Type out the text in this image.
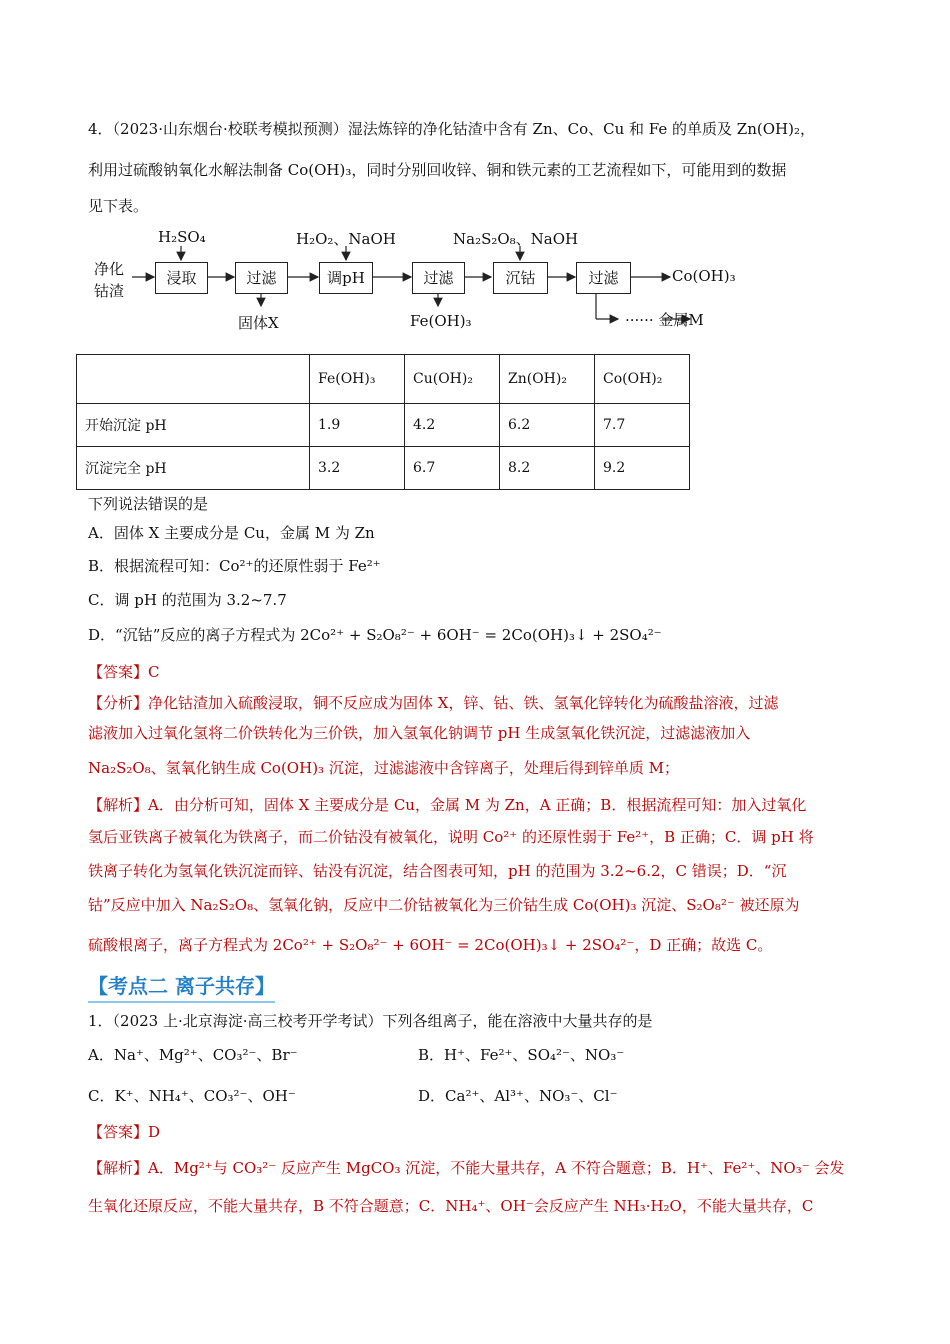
4．（2023·山东烟台·校联考模拟预测）湿法炼锌的净化钴渣中含有 Zn、Co、Cu 和 Fe 的单质及 Zn(OH)₂，
利用过硫酸钠氧化水解法制备 Co(OH)₃，同时分别回收锌、铜和铁元素的工艺流程如下，可能用到的数据
见下表。
净化
钴渣
H₂SO₄
浸取	过滤
固体X
H₂O₂、NaOH
调pH	过滤
Fe(OH)₃
Na₂S₂O₈、NaOH
沉钴	过滤	Co(OH)₃
······ 金属M
	Fe(OH)₃	Cu(OH)₂	Zn(OH)₂	Co(OH)₂
开始沉淀 pH	1.9	4.2	6.2	7.7
沉淀完全 pH	3.2	6.7	8.2	9.2
下列说法错误的是
A．固体 X 主要成分是 Cu，金属 M 为 Zn
B．根据流程可知：Co²⁺的还原性弱于 Fe²⁺
C．调 pH 的范围为 3.2~7.7
D．“沉钴”反应的离子方程式为 2Co²⁺ + S₂O₈²⁻ + 6OH⁻ = 2Co(OH)₃↓ + 2SO₄²⁻
【答案】C
【分析】净化钴渣加入硫酸浸取，铜不反应成为固体 X，锌、钴、铁、氢氧化锌转化为硫酸盐溶液，过滤
滤液加入过氧化氢将二价铁转化为三价铁，加入氢氧化钠调节 pH 生成氢氧化铁沉淀，过滤滤液加入
Na₂S₂O₈、氢氧化钠生成 Co(OH)₃ 沉淀，过滤滤液中含锌离子，处理后得到锌单质 M；
【解析】A．由分析可知，固体 X 主要成分是 Cu，金属 M 为 Zn，A 正确；B．根据流程可知：加入过氧化
氢后亚铁离子被氧化为铁离子，而二价钴没有被氧化，说明 Co²⁺ 的还原性弱于 Fe²⁺，B 正确；C．调 pH 将
铁离子转化为氢氧化铁沉淀而锌、钴没有沉淀，结合图表可知，pH 的范围为 3.2~6.2，C 错误；D．“沉
钴”反应中加入 Na₂S₂O₈、氢氧化钠，反应中二价钴被氧化为三价钴生成 Co(OH)₃ 沉淀、S₂O₈²⁻ 被还原为
硫酸根离子，离子方程式为 2Co²⁺ + S₂O₈²⁻ + 6OH⁻ = 2Co(OH)₃↓ + 2SO₄²⁻，D 正确；故选 C。
【考点二 离子共存】
1．（2023 上·北京海淀·高三校考开学考试）下列各组离子，能在溶液中大量共存的是
A．Na⁺、Mg²⁺、CO₃²⁻、Br⁻	B．H⁺、Fe²⁺、SO₄²⁻、NO₃⁻
C．K⁺、NH₄⁺、CO₃²⁻、OH⁻	D．Ca²⁺、Al³⁺、NO₃⁻、Cl⁻
【答案】D
【解析】A．Mg²⁺与 CO₃²⁻ 反应产生 MgCO₃ 沉淀，不能大量共存，A 不符合题意；B．H⁺、Fe²⁺、NO₃⁻ 会发
生氧化还原反应，不能大量共存，B 不符合题意；C．NH₄⁺、OH⁻会反应产生 NH₃·H₂O，不能大量共存，C
